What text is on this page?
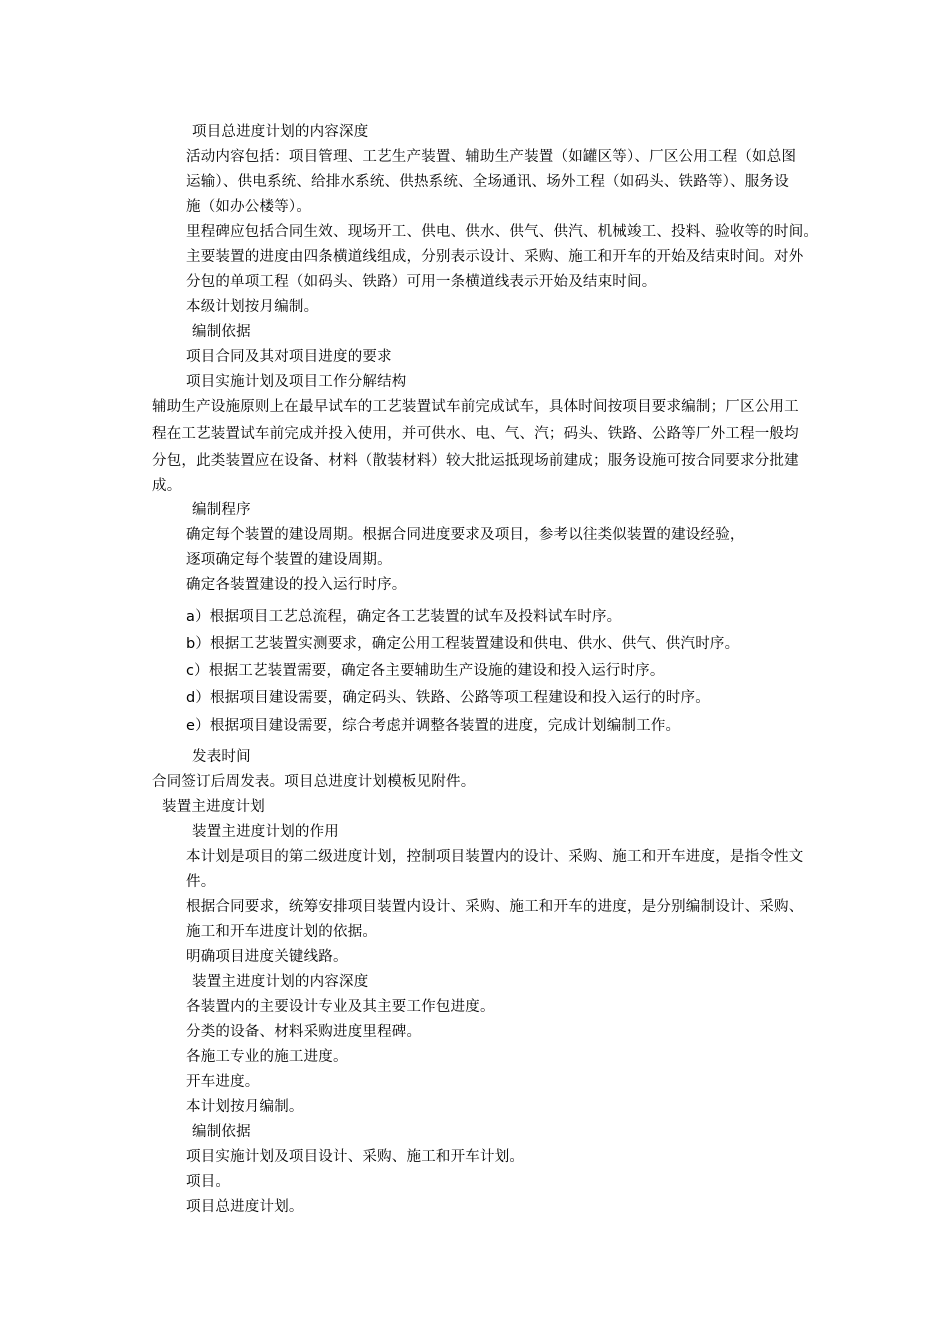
项目总进度计划的内容深度
活动内容包括：项目管理、工艺生产装置、辅助生产装置（如罐区等）、厂区公用工程（如总图
运输）、供电系统、给排水系统、供热系统、全场通讯、场外工程（如码头、铁路等）、服务设
施（如办公楼等）。
里程碑应包括合同生效、现场开工、供电、供水、供气、供汽、机械竣工、投料、验收等的时间。
主要装置的进度由四条横道线组成，分别表示设计、采购、施工和开车的开始及结束时间。对外
分包的单项工程（如码头、铁路）可用一条横道线表示开始及结束时间。
本级计划按月编制。
编制依据
项目合同及其对项目进度的要求
项目实施计划及项目工作分解结构
辅助生产设施原则上在最早试车的工艺装置试车前完成试车，具体时间按项目要求编制；厂区公用工
程在工艺装置试车前完成并投入使用，并可供水、电、气、汽；码头、铁路、公路等厂外工程一般均
分包，此类装置应在设备、材料（散装材料）较大批运抵现场前建成；服务设施可按合同要求分批建
成。
编制程序
确定每个装置的建设周期。根据合同进度要求及项目，参考以往类似装置的建设经验，
逐项确定每个装置的建设周期。
确定各装置建设的投入运行时序。
a）根据项目工艺总流程，确定各工艺装置的试车及投料试车时序。
b）根据工艺装置实测要求，确定公用工程装置建设和供电、供水、供气、供汽时序。
c）根据工艺装置需要，确定各主要辅助生产设施的建设和投入运行时序。
d）根据项目建设需要，确定码头、铁路、公路等项工程建设和投入运行的时序。
e）根据项目建设需要，综合考虑并调整各装置的进度，完成计划编制工作。
发表时间
合同签订后周发表。项目总进度计划模板见附件。
装置主进度计划
装置主进度计划的作用
本计划是项目的第二级进度计划，控制项目装置内的设计、采购、施工和开车进度，是指令性文
件。
根据合同要求，统筹安排项目装置内设计、采购、施工和开车的进度，是分别编制设计、采购、
施工和开车进度计划的依据。
明确项目进度关键线路。
装置主进度计划的内容深度
各装置内的主要设计专业及其主要工作包进度。
分类的设备、材料采购进度里程碑。
各施工专业的施工进度。
开车进度。
本计划按月编制。
编制依据
项目实施计划及项目设计、采购、施工和开车计划。
项目。
项目总进度计划。
